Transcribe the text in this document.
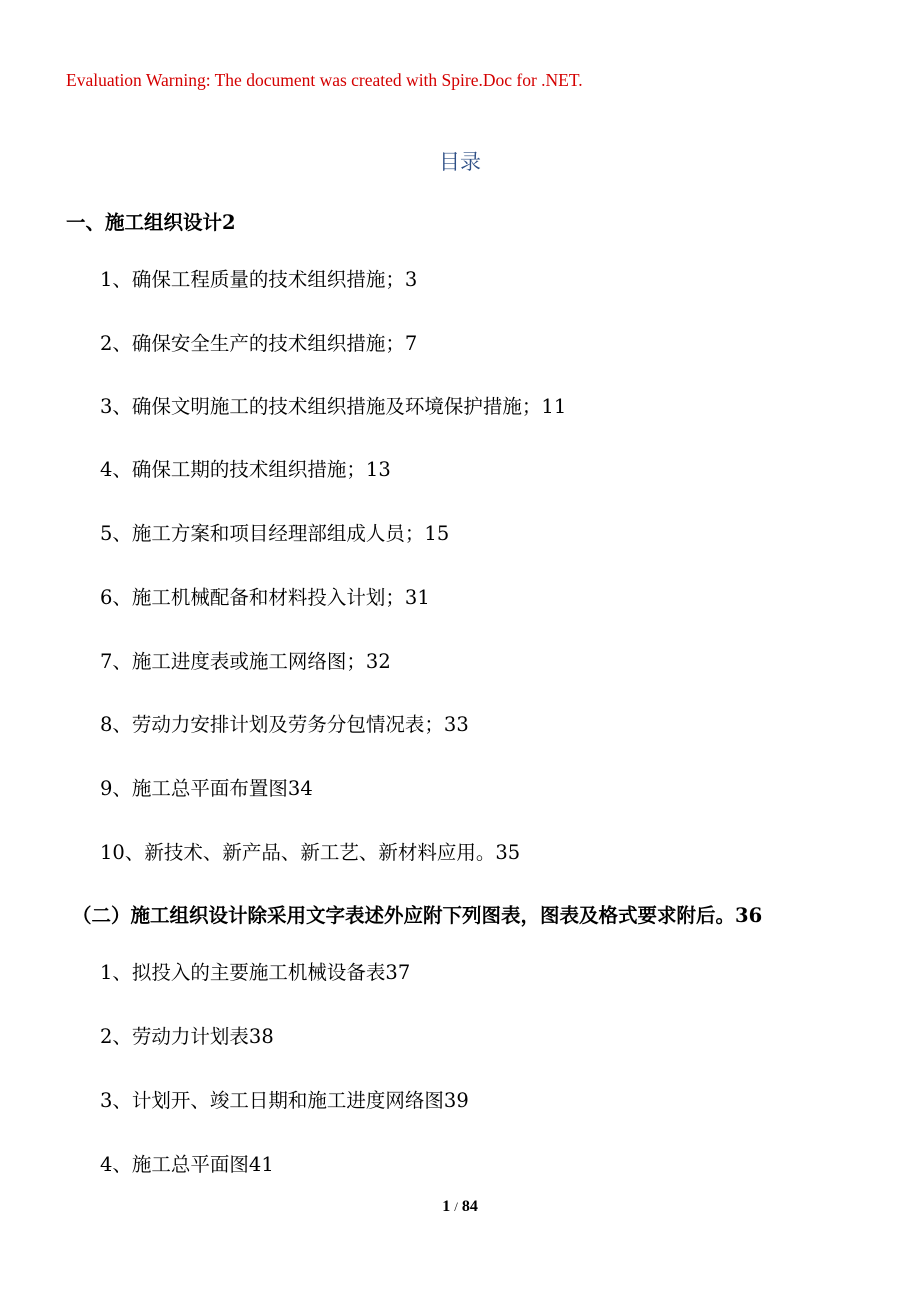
Evaluation Warning: The document was created with Spire.Doc for .NET.
目录
一、施工组织设计2
1、确保工程质量的技术组织措施；3
2、确保安全生产的技术组织措施；7
3、确保文明施工的技术组织措施及环境保护措施；11
4、确保工期的技术组织措施；13
5、施工方案和项目经理部组成人员；15
6、施工机械配备和材料投入计划；31
7、施工进度表或施工网络图；32
8、劳动力安排计划及劳务分包情况表；33
9、施工总平面布置图34
10、新技术、新产品、新工艺、新材料应用。35
（二）施工组织设计除采用文字表述外应附下列图表，图表及格式要求附后。36
1、拟投入的主要施工机械设备表37
2、劳动力计划表38
3、计划开、竣工日期和施工进度网络图39
4、施工总平面图41
1 / 84
